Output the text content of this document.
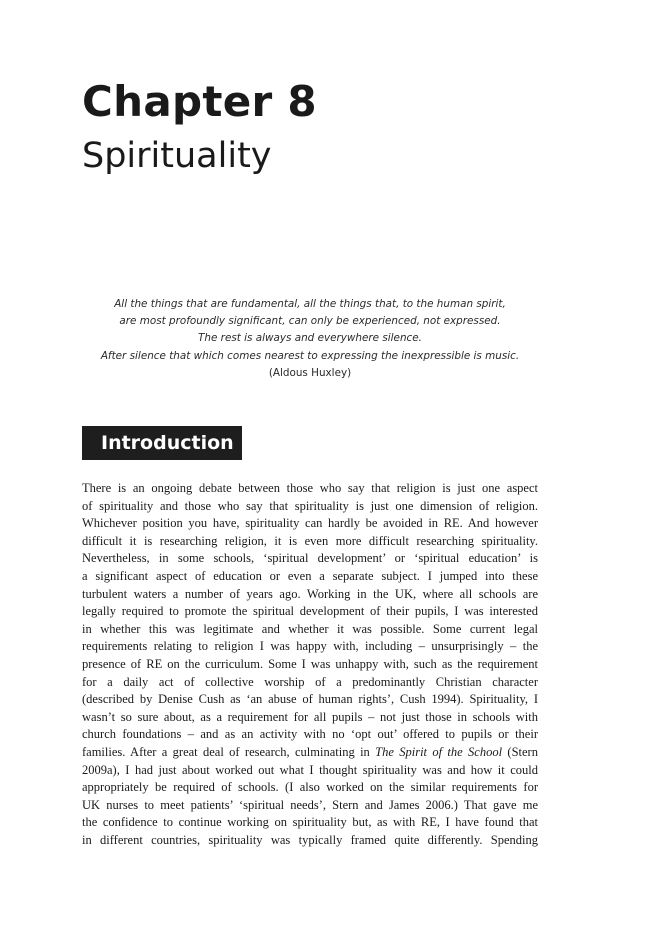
Chapter 8
Spirituality
All the things that are fundamental, all the things that, to the human spirit,
are most profoundly significant, can only be experienced, not expressed.
The rest is always and everywhere silence.
After silence that which comes nearest to expressing the inexpressible is music.
(Aldous Huxley)
Introduction
There is an ongoing debate between those who say that religion is just one aspect
of spirituality and those who say that spirituality is just one dimension of religion.
Whichever position you have, spirituality can hardly be avoided in RE. And however
difficult it is researching religion, it is even more difficult researching spirituality.
Nevertheless, in some schools, ‘spiritual development’ or ‘spiritual education’ is
a significant aspect of education or even a separate subject. I jumped into these
turbulent waters a number of years ago. Working in the UK, where all schools are
legally required to promote the spiritual development of their pupils, I was interested
in whether this was legitimate and whether it was possible. Some current legal
requirements relating to religion I was happy with, including – unsurprisingly – the
presence of RE on the curriculum. Some I was unhappy with, such as the requirement
for a daily act of collective worship of a predominantly Christian character
(described by Denise Cush as ‘an abuse of human rights’, Cush 1994). Spirituality, I
wasn’t so sure about, as a requirement for all pupils – not just those in schools with
church foundations – and as an activity with no ‘opt out’ offered to pupils or their
families. After a great deal of research, culminating in The Spirit of the School (Stern
2009a), I had just about worked out what I thought spirituality was and how it could
appropriately be required of schools. (I also worked on the similar requirements for
UK nurses to meet patients’ ‘spiritual needs’, Stern and James 2006.) That gave me
the confidence to continue working on spirituality but, as with RE, I have found that
in different countries, spirituality was typically framed quite differently. Spending
